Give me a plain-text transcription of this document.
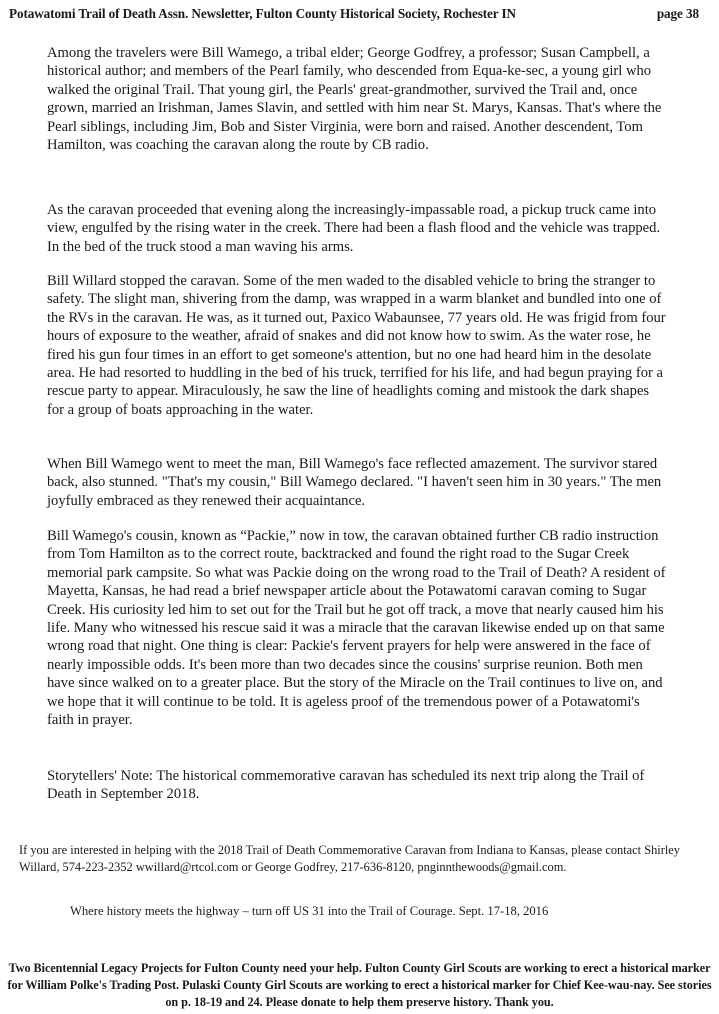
Potawatomi Trail of Death Assn. Newsletter, Fulton County Historical Society, Rochester IN	page 38

Among the travelers were Bill Wamego, a tribal elder; George Godfrey, a professor; Susan Campbell, a historical author; and members of the Pearl family, who descended from Equa-ke-sec, a young girl who walked the original Trail. That young girl, the Pearls' great-grandmother, survived the Trail and, once grown, married an Irishman, James Slavin, and settled with him near St. Marys, Kansas. That's where the Pearl siblings, including Jim, Bob and Sister Virginia, were born and raised. Another descendent, Tom Hamilton, was coaching the caravan along the route by CB radio.

As the caravan proceeded that evening along the increasingly-impassable road, a pickup truck came into view, engulfed by the rising water in the creek. There had been a flash flood and the vehicle was trapped. In the bed of the truck stood a man waving his arms.

Bill Willard stopped the caravan. Some of the men waded to the disabled vehicle to bring the stranger to safety. The slight man, shivering from the damp, was wrapped in a warm blanket and bundled into one of the RVs in the caravan. He was, as it turned out, Paxico Wabaunsee, 77 years old. He was frigid from four hours of exposure to the weather, afraid of snakes and did not know how to swim. As the water rose, he fired his gun four times in an effort to get someone's attention, but no one had heard him in the desolate area. He had resorted to huddling in the bed of his truck, terrified for his life, and had begun praying for a rescue party to appear. Miraculously, he saw the line of headlights coming and mistook the dark shapes for a group of boats approaching in the water.

When Bill Wamego went to meet the man, Bill Wamego's face reflected amazement. The survivor stared back, also stunned. "That's my cousin," Bill Wamego declared. "I haven't seen him in 30 years." The men joyfully embraced as they renewed their acquaintance.

Bill Wamego's cousin, known as “Packie,” now in tow, the caravan obtained further CB radio instruction from Tom Hamilton as to the correct route, backtracked and found the right road to the Sugar Creek memorial park campsite. So what was Packie doing on the wrong road to the Trail of Death? A resident of Mayetta, Kansas, he had read a brief newspaper article about the Potawatomi caravan coming to Sugar Creek. His curiosity led him to set out for the Trail but he got off track, a move that nearly caused him his life. Many who witnessed his rescue said it was a miracle that the caravan likewise ended up on that same wrong road that night. One thing is clear: Packie's fervent prayers for help were answered in the face of nearly impossible odds. It's been more than two decades since the cousins' surprise reunion. Both men have since walked on to a greater place. But the story of the Miracle on the Trail continues to live on, and we hope that it will continue to be told. It is ageless proof of the tremendous power of a Potawatomi's faith in prayer.

Storytellers' Note: The historical commemorative caravan has scheduled its next trip along the Trail of Death in September 2018.

If you are interested in helping with the 2018 Trail of Death Commemorative Caravan from Indiana to Kansas, please contact Shirley Willard, 574-223-2352 wwillard@rtcol.com or George Godfrey, 217-636-8120, pnginnthewoods@gmail.com.

Where history meets the highway – turn off US 31 into the Trail of Courage. Sept. 17-18, 2016

Two Bicentennial Legacy Projects for Fulton County need your help. Fulton County Girl Scouts are working to erect a historical marker for William Polke's Trading Post. Pulaski County Girl Scouts are working to erect a historical marker for Chief Kee-wau-nay. See stories on p. 18-19 and 24. Please donate to help them preserve history. Thank you.
